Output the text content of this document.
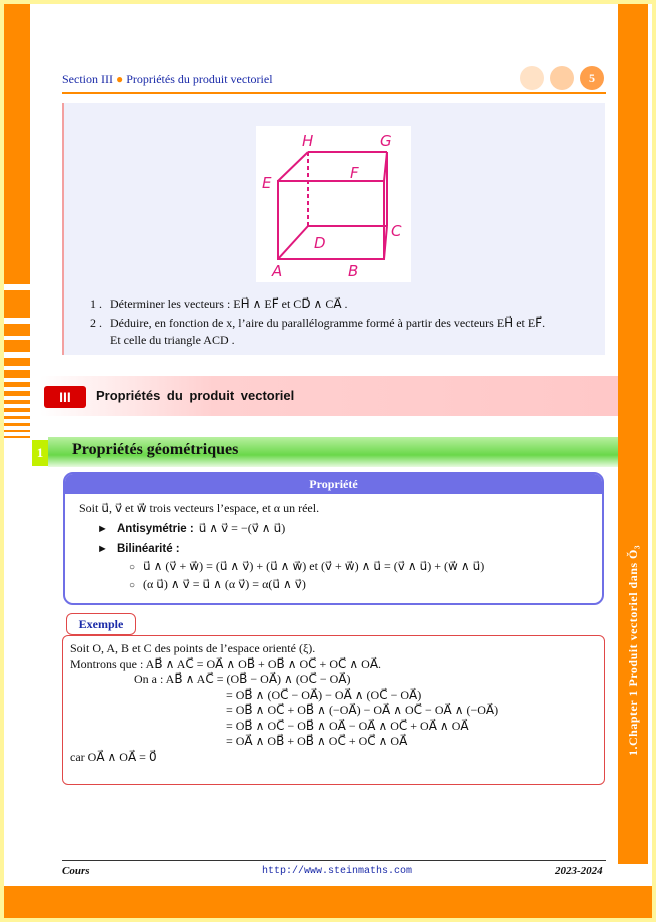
1.Chapter 1 Produit vectoriel dans Ǒ₃
Section III ● Propriétés du produit vectoriel	5
H	G
E
F
D
C
A	B
1 . Déterminer les vecteurs : EH⃗ ∧ EF⃗ et CD⃗ ∧ CA⃗ .
2 . Déduire, en fonction de x, l’aire du parallélogramme formé à partir des vecteurs EH⃗ et EF⃗.
Et celle du triangle ACD .
III	Propriétés du produit vectoriel
1 Propriétés géométriques
Propriété
Soit u⃗, v⃗ et w⃗ trois vecteurs l’espace, et α un réel.
► Antisymétrie : u⃗ ∧ v⃗ = −(v⃗ ∧ u⃗)
► Bilinéarité :
○ u⃗ ∧ (v⃗ + w⃗) = (u⃗ ∧ v⃗) + (u⃗ ∧ w⃗) et (v⃗ + w⃗) ∧ u⃗ = (v⃗ ∧ u⃗) + (w⃗ ∧ u⃗)
○ (α u⃗) ∧ v⃗ = u⃗ ∧ (α v⃗) = α(u⃗ ∧ v⃗)
Exemple
Soit O, A, B et C des points de l’espace orienté (ξ).
Montrons que : AB⃗ ∧ AC⃗ = OA⃗ ∧ OB⃗ + OB⃗ ∧ OC⃗ + OC⃗ ∧ OA⃗.
On a : AB⃗ ∧ AC⃗ = (OB⃗ − OA⃗) ∧ (OC⃗ − OA⃗)
= OB⃗ ∧ (OC⃗ − OA⃗) − OA⃗ ∧ (OC⃗ − OA⃗)
= OB⃗ ∧ OC⃗ + OB⃗ ∧ (−OA⃗) − OA⃗ ∧ OC⃗ − OA⃗ ∧ (−OA⃗)
= OB⃗ ∧ OC⃗ − OB⃗ ∧ OA⃗ − OA⃗ ∧ OC⃗ + OA⃗ ∧ OA⃗
= OA⃗ ∧ OB⃗ + OB⃗ ∧ OC⃗ + OC⃗ ∧ OA⃗
car OA⃗ ∧ OA⃗ = 0⃗
Cours	http://www.steinmaths.com	2023-2024
